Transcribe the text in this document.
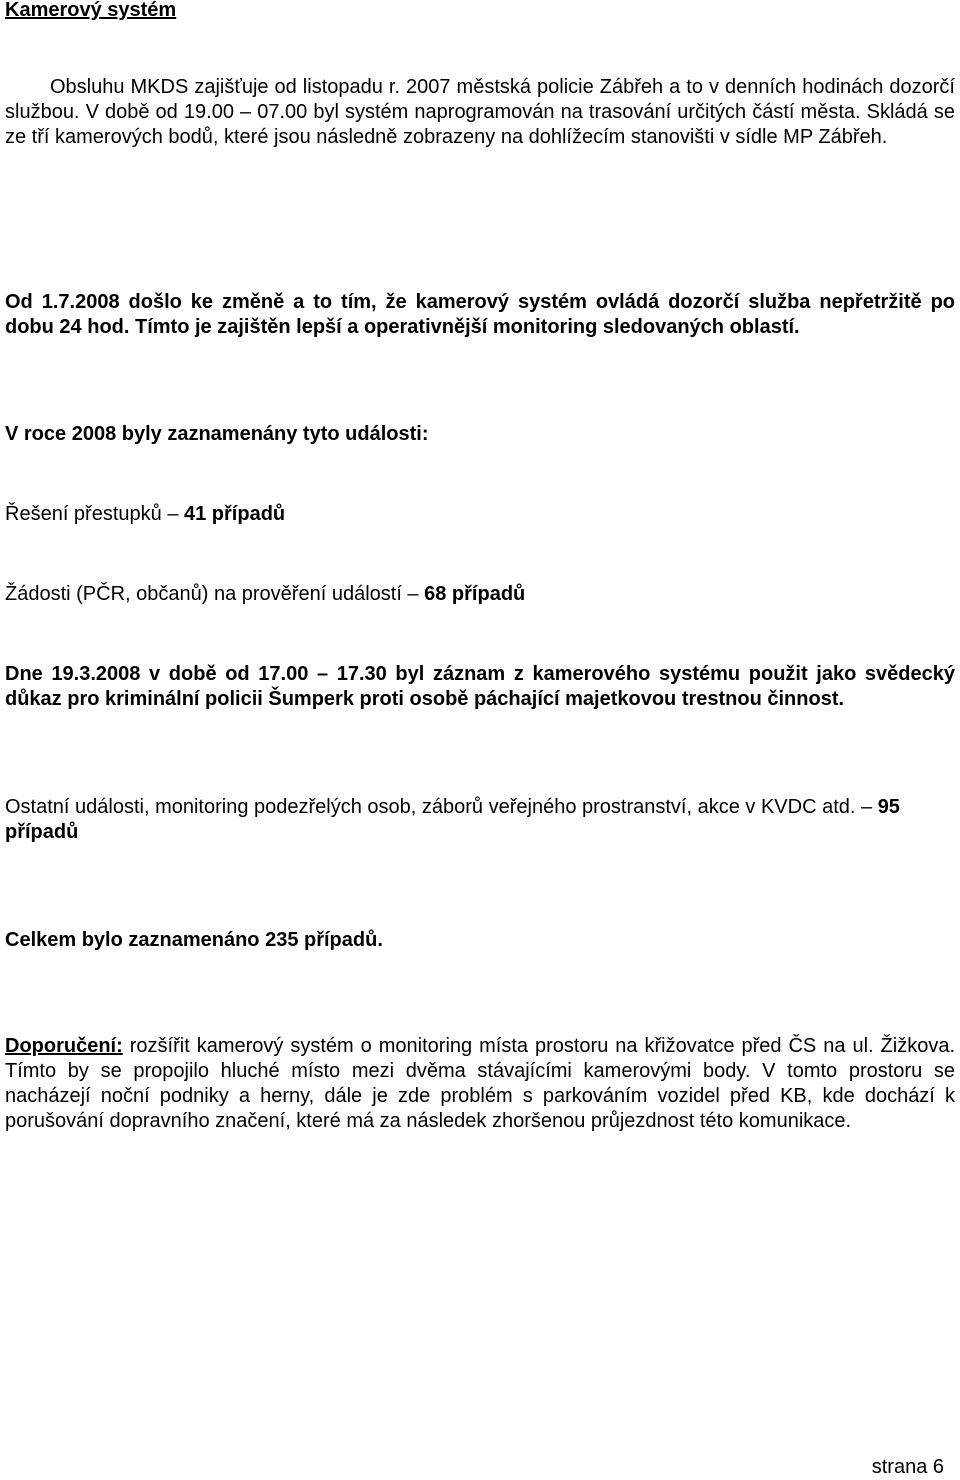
Kamerový systém

Obsluhu MKDS zajišťuje od listopadu r. 2007 městská policie Zábřeh a to v denních hodinách dozorčí službou. V době od 19.00 – 07.00 byl systém naprogramován na trasování určitých částí města. Skládá se ze tří kamerových bodů, které jsou následně zobrazeny na dohlížecím stanovišti v sídle MP Zábřeh.

Od 1.7.2008 došlo ke změně a to tím, že kamerový systém ovládá dozorčí služba nepřetržitě po dobu 24 hod. Tímto je zajištěn lepší a operativnější monitoring sledovaných oblastí.

V roce 2008 byly zaznamenány tyto události:

Řešení přestupků – 41 případů

Žádosti (PČR, občanů) na prověření událostí – 68 případů

Dne 19.3.2008 v době od 17.00 – 17.30 byl záznam z kamerového systému použit jako svědecký důkaz pro kriminální policii Šumperk proti osobě páchající majetkovou trestnou činnost.

Ostatní události, monitoring podezřelých osob, záborů veřejného prostranství, akce v KVDC atd. – 95 případů

Celkem bylo zaznamenáno 235 případů.

Doporučení: rozšířit kamerový systém o monitoring místa prostoru na křižovatce před ČS na ul. Žižkova. Tímto by se propojilo hluché místo mezi dvěma stávajícími kamerovými body. V tomto prostoru se nacházejí noční podniky a herny, dále je zde problém s parkováním vozidel před KB, kde dochází k porušování dopravního značení, které má za následek zhoršenou průjezdnost této komunikace.

strana 6
